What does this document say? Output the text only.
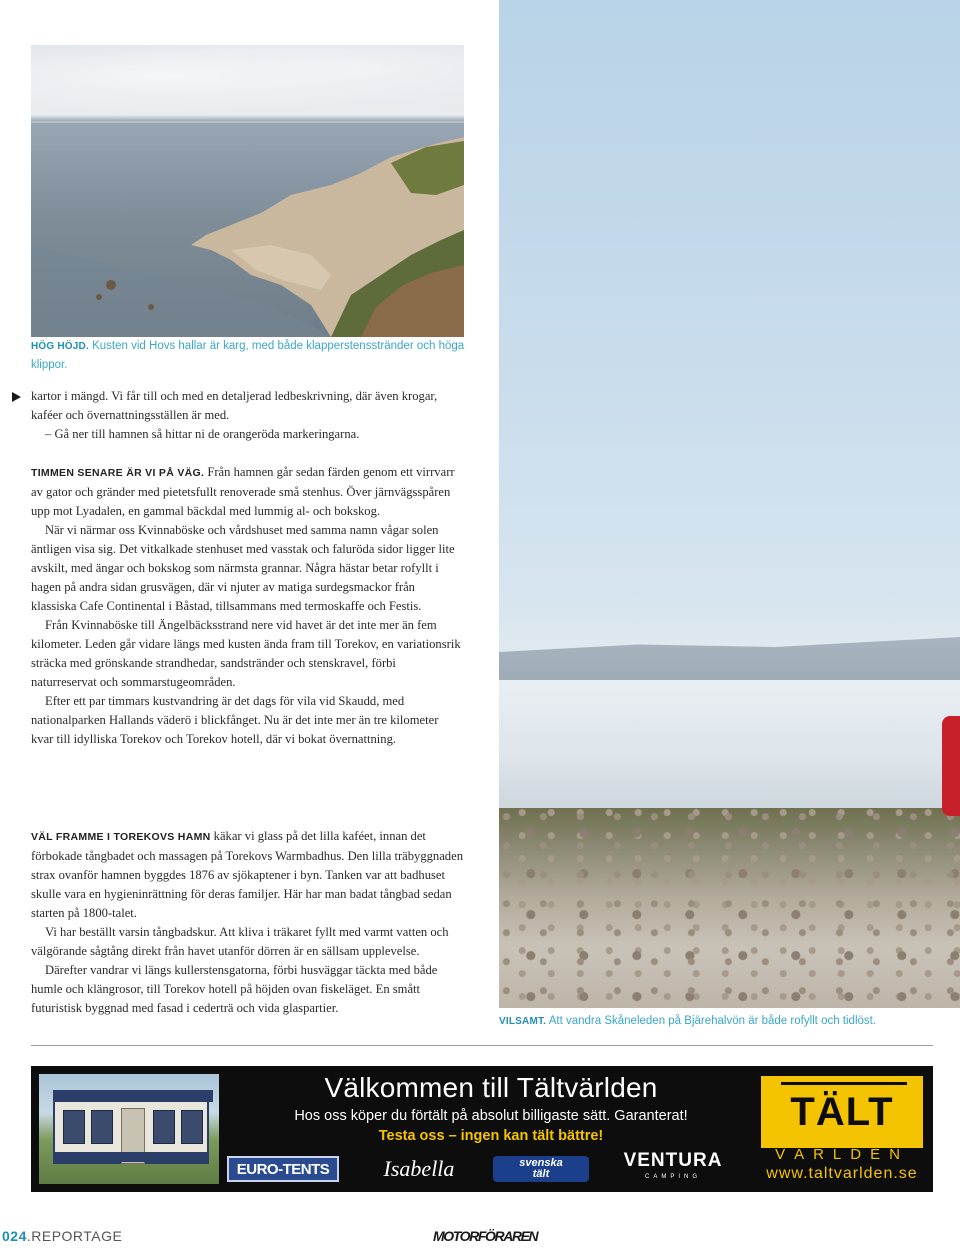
HÖG HÖJD. Kusten vid Hovs hallar är karg, med både klapperstensstränder och höga klippor.
VILSAMT. Att vandra Skåneleden på Bjärehalvön är både rofyllt och tidlöst.

kartor i mängd. Vi får till och med en detaljerad ledbeskrivning, där även krogar, kaféer och övernattningsställen är med.

– Gå ner till hamnen så hittar ni de orangeröda markeringarna.

TIMMEN SENARE ÄR VI PÅ VÄG. Från hamnen går sedan färden genom ett virrvarr av gator och gränder med pietetsfullt renoverade små stenhus. Över järnvägsspåren upp mot Lyadalen, en gammal bäckdal med lummig al- och bokskog.

När vi närmar oss Kvinnaböske och vårdshuset med samma namn vågar solen äntligen visa sig. Det vitkalkade stenhuset med vasstak och faluröda sidor ligger lite avskilt, med ängar och bokskog som närmsta grannar. Några hästar betar rofyllt i hagen på andra sidan grusvägen, där vi njuter av matiga surdegsmackor från klassiska Cafe Continental i Båstad, tillsammans med termoskaffe och Festis.

Från Kvinnaböske till Ängelbäcksstrand nere vid havet är det inte mer än fem kilometer. Leden går vidare längs med kusten ända fram till Torekov, en variationsrik sträcka med grönskande strandhedar, sandstränder och stenskravel, förbi naturreservat och sommarstugeområden.

Efter ett par timmars kustvandring är det dags för vila vid Skaudd, med nationalparken Hallands väderö i blickfånget. Nu är det inte mer än tre kilometer kvar till idylliska Torekov och Torekov hotell, där vi bokat övernattning.

VÄL FRAMME I TOREKOVS HAMN käkar vi glass på det lilla kaféet, innan det förbokade tångbadet och massagen på Torekovs Warmbadhus. Den lilla träbyggnaden strax ovanför hamnen byggdes 1876 av sjökaptener i byn. Tanken var att badhuset skulle vara en hygieninrättning för deras familjer. Här har man badat tångbad sedan starten på 1800-talet.

Vi har beställt varsin tångbadskur. Att kliva i träkaret fyllt med varmt vatten och välgörande sågtång direkt från havet utanför dörren är en sällsam upplevelse.

Därefter vandrar vi längs kullerstensgatorna, förbi husväggar täckta med både humle och klängrosor, till Torekov hotell på höjden ovan fiskeläget. En smått futuristisk byggnad med fasad i cederträ och vida glaspartier.

Välkommen till Tältvärlden
Hos oss köper du förtält på absolut billigaste sätt. Garanterat!
Testa oss – ingen kan tält bättre!
EURO-TENTS	Isabella	svenska
tält
VENTURA
CAMPING
TÄLT
VÄRLDEN
www.taltvarlden.se
024.REPORTAGE	MOTORFÖRAREN
